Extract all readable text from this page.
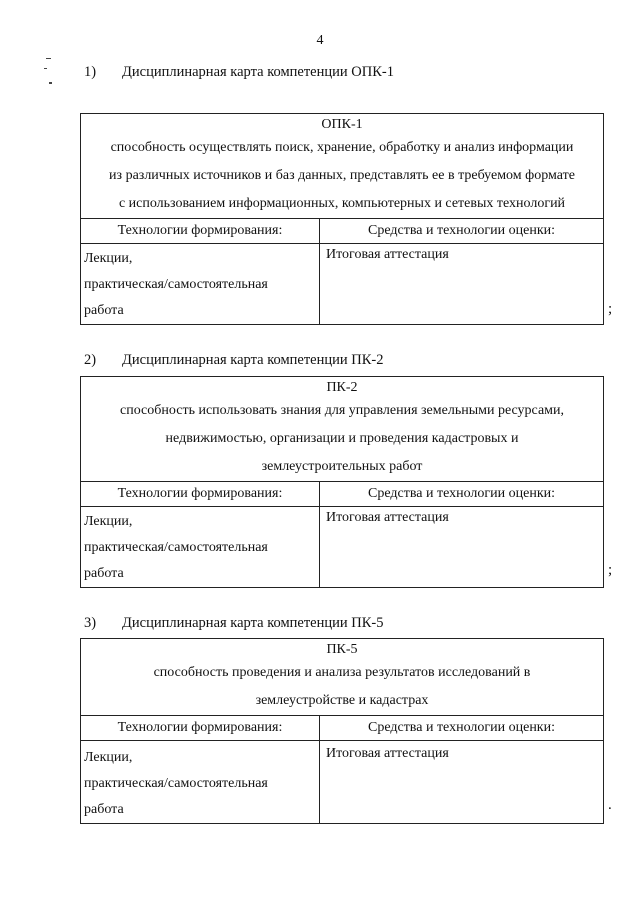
4
1) Дисциплинарная карта компетенции ОПК-1
ОПК-1
способность осуществлять поиск, хранение, обработку и анализ информации
из различных источников и баз данных, представлять ее в требуемом формате
с использованием информационных, компьютерных и сетевых технологий	

Технологии формирования:	Средства и технологии оценки:

Лекции,
практическая/самостоятельная
работа	Итоговая аттестация
;
2) Дисциплинарная карта компетенции ПК-2
ПК-2
способность использовать знания для управления земельными ресурсами,
недвижимостью, организации и проведения кадастровых и
землеустроительных работ	

Технологии формирования:	Средства и технологии оценки:

Лекции,
практическая/самостоятельная
работа	Итоговая аттестация
;
3) Дисциплинарная карта компетенции ПК-5
ПК-5
способность проведения и анализа результатов исследований в
землеустройстве и кадастрах	

Технологии формирования:	Средства и технологии оценки:

Лекции,
практическая/самостоятельная
работа	Итоговая аттестация
.
